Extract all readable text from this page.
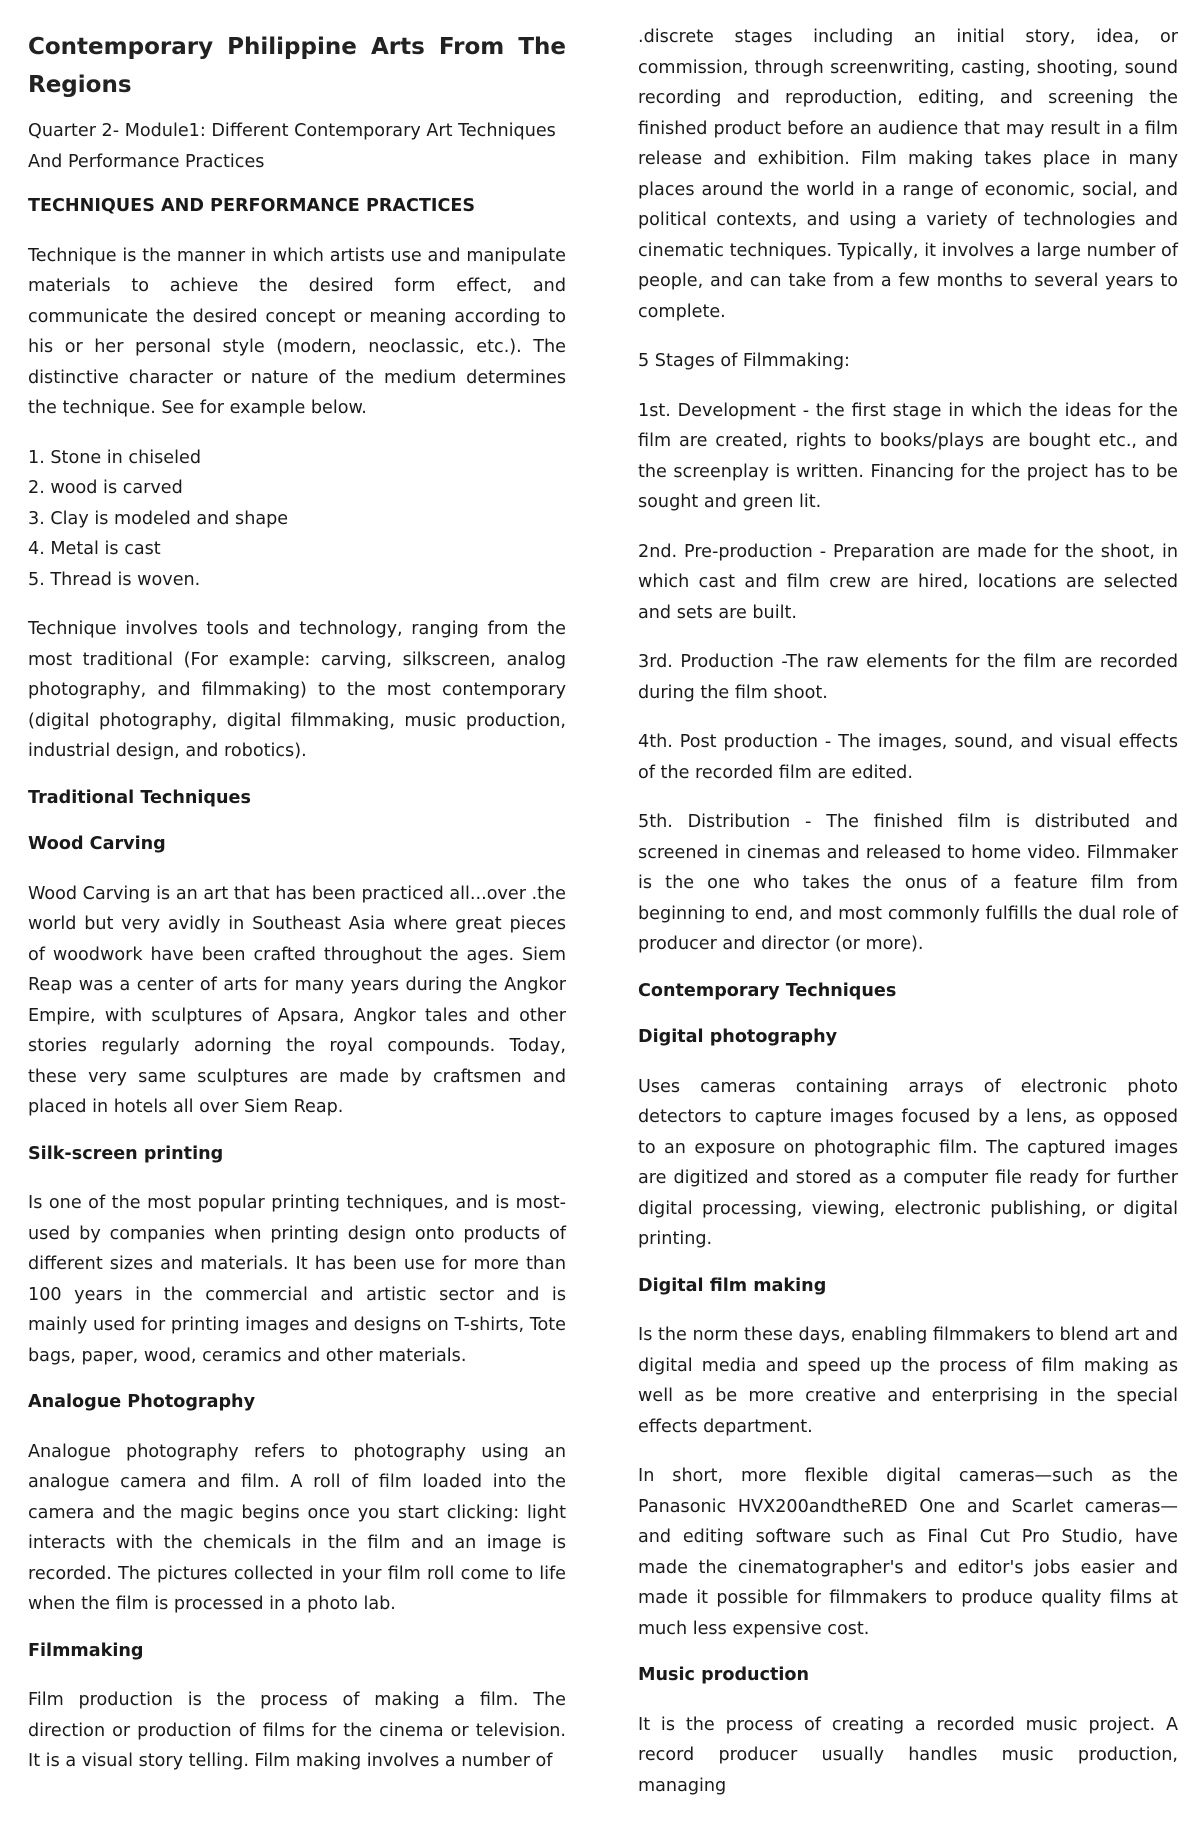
Contemporary Philippine Arts From The Regions

Quarter 2- Module1: Different Contemporary Art Techniques And Performance Practices

TECHNIQUES AND PERFORMANCE PRACTICES

Technique is the manner in which artists use and manipulate materials to achieve the desired form effect, and communicate the desired concept or meaning according to his or her personal style (modern, neoclassic, etc.). The distinctive character or nature of the medium determines the technique. See for example below.

1. Stone in chiseled
2. wood is carved
3. Clay is modeled and shape
4. Metal is cast
5. Thread is woven.

Technique involves tools and technology, ranging from the most traditional (For example: carving, silkscreen, analog photography, and filmmaking) to the most contemporary (digital photography, digital filmmaking, music production, industrial design, and robotics).

Traditional Techniques

Wood Carving

Wood Carving is an art that has been practiced all...over .the world but very avidly in Southeast Asia where great pieces of woodwork have been crafted throughout the ages. Siem Reap was a center of arts for many years during the Angkor Empire, with sculptures of Apsara, Angkor tales and other stories regularly adorning the royal compounds. Today, these very same sculptures are made by craftsmen and placed in hotels all over Siem Reap.

Silk-screen printing

Is one of the most popular printing techniques, and is most-used by companies when printing design onto products of different sizes and materials. It has been use for more than 100 years in the commercial and artistic sector and is mainly used for printing images and designs on T-shirts, Tote bags, paper, wood, ceramics and other materials.

Analogue Photography

Analogue photography refers to photography using an analogue camera and film. A roll of film loaded into the camera and the magic begins once you start clicking: light interacts with the chemicals in the film and an image is recorded. The pictures collected in your film roll come to life when the film is processed in a photo lab.

Filmmaking

Film production is the process of making a film. The direction or production of films for the cinema or television. It is a visual story telling. Film making involves a number of

.discrete stages including an initial story, idea, or commission, through screenwriting, casting, shooting, sound recording and reproduction, editing, and screening the finished product before an audience that may result in a film release and exhibition. Film making takes place in many places around the world in a range of economic, social, and political contexts, and using a variety of technologies and cinematic techniques. Typically, it involves a large number of people, and can take from a few months to several years to complete.

5 Stages of Filmmaking:

1st. Development - the first stage in which the ideas for the film are created, rights to books/plays are bought etc., and the screenplay is written. Financing for the project has to be sought and green lit.

2nd. Pre-production - Preparation are made for the shoot, in which cast and film crew are hired, locations are selected and sets are built.

3rd. Production -The raw elements for the film are recorded during the film shoot.

4th. Post production - The images, sound, and visual effects of the recorded film are edited.

5th. Distribution - The finished film is distributed and screened in cinemas and released to home video. Filmmaker is the one who takes the onus of a feature film from beginning to end, and most commonly fulfills the dual role of producer and director (or more).

Contemporary Techniques

Digital photography

Uses cameras containing arrays of electronic photo detectors to capture images focused by a lens, as opposed to an exposure on photographic film. The captured images are digitized and stored as a computer file ready for further digital processing, viewing, electronic publishing, or digital printing.

Digital film making

Is the norm these days, enabling filmmakers to blend art and digital media and speed up the process of film making as well as be more creative and enterprising in the special effects department.

In short, more flexible digital cameras—such as the Panasonic HVX200andtheRED One and Scarlet cameras—and editing software such as Final Cut Pro Studio, have made the cinematographer's and editor's jobs easier and made it possible for filmmakers to produce quality films at much less expensive cost.

Music production

It is the process of creating a recorded music project. A record producer usually handles music production, managing
